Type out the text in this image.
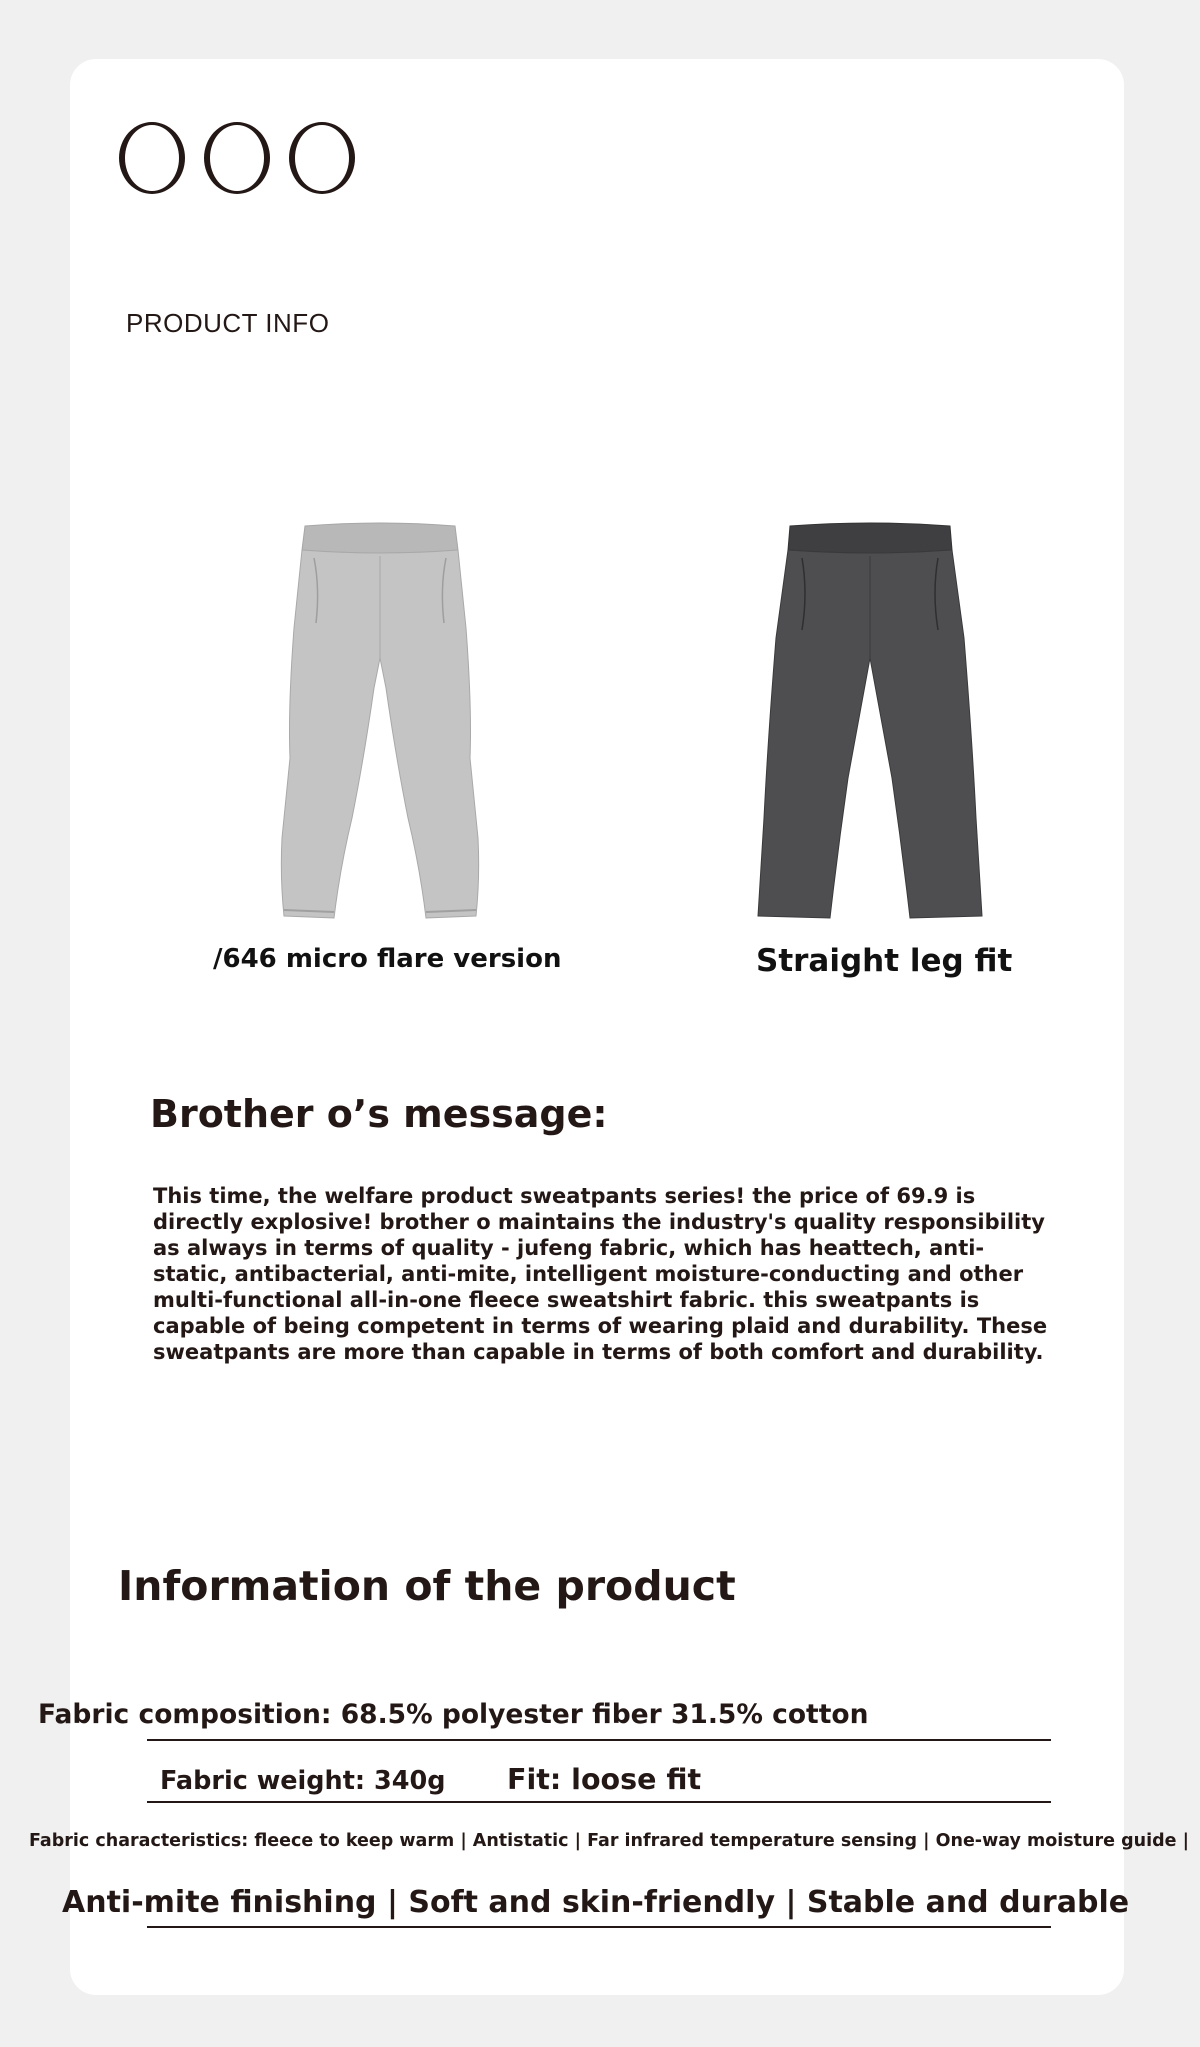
PRODUCT INFO
/646 micro flare version	Straight leg fit
Brother o’s message:
This time, the welfare product sweatpants series! the price of 69.9 is directly explosive! brother o maintains the industry's quality responsibility as always in terms of quality - jufeng fabric, which has heattech, anti-static, antibacterial, anti-mite, intelligent moisture-conducting and other multi-functional all-in-one fleece sweatshirt fabric. this sweatpants is capable of being competent in terms of wearing plaid and durability. These sweatpants are more than capable in terms of both comfort and durability.
Information of the product
Fabric composition: 68.5% polyester fiber 31.5% cotton
Fabric weight: 340g Fit: loose fit
Fabric characteristics: fleece to keep warm | Antistatic | Far infrared temperature sensing | One-way moisture guide |
Anti-mite finishing | Soft and skin-friendly | Stable and durable
